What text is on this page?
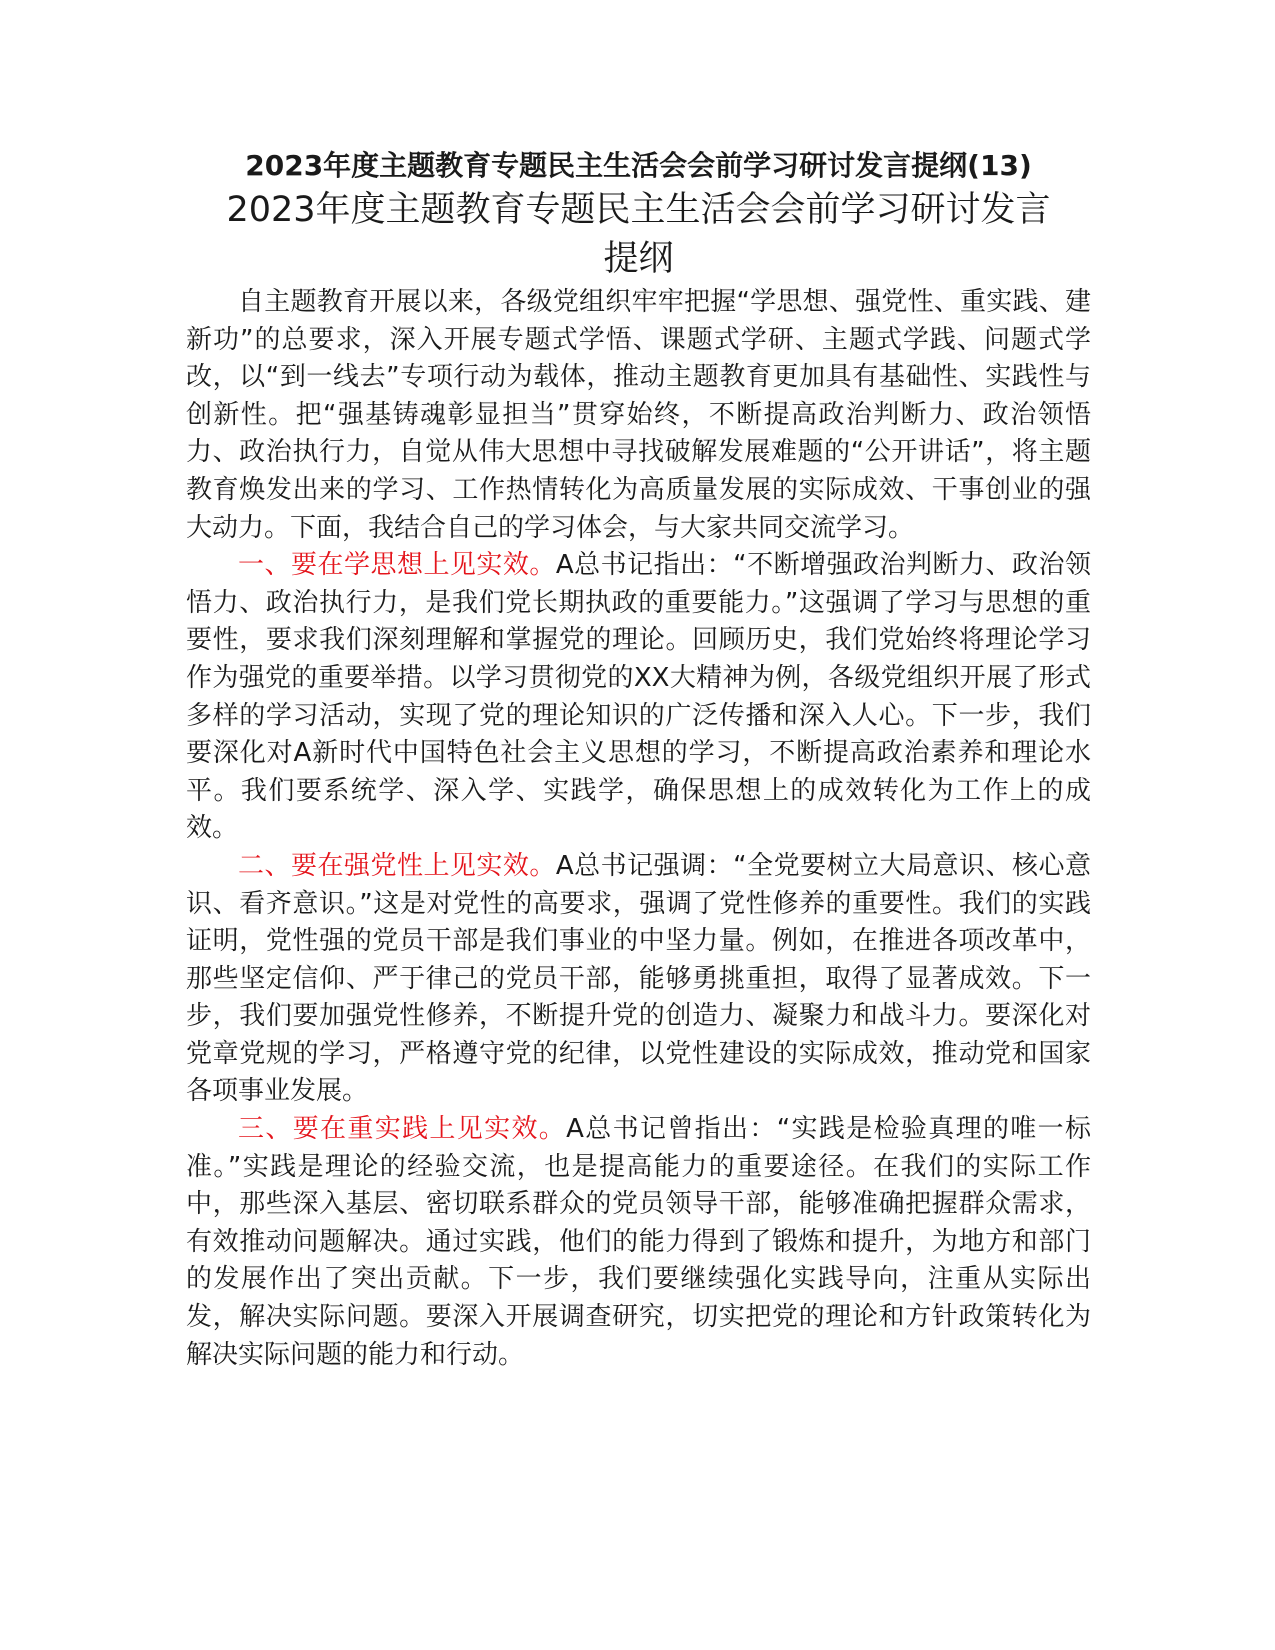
2023年度主题教育专题民主生活会会前学习研讨发言提纲(13)
2023年度主题教育专题民主生活会会前学习研讨发言提纲

自主题教育开展以来，各级党组织牢牢把握“学思想、强党性、重实践、建新功”的总要求，深入开展专题式学悟、课题式学研、主题式学践、问题式学改，以“到一线去”专项行动为载体，推动主题教育更加具有基础性、实践性与创新性。把“强基铸魂彰显担当”贯穿始终，不断提高政治判断力、政治领悟力、政治执行力，自觉从伟大思想中寻找破解发展难题的“公开讲话”，将主题教育焕发出来的学习、工作热情转化为高质量发展的实际成效、干事创业的强大动力。下面，我结合自己的学习体会，与大家共同交流学习。

一、要在学思想上见实效。A总书记指出：“不断增强政治判断力、政治领悟力、政治执行力，是我们党长期执政的重要能力。”这强调了学习与思想的重要性，要求我们深刻理解和掌握党的理论。回顾历史，我们党始终将理论学习作为强党的重要举措。以学习贯彻党的XX大精神为例，各级党组织开展了形式多样的学习活动，实现了党的理论知识的广泛传播和深入人心。下一步，我们要深化对A新时代中国特色社会主义思想的学习，不断提高政治素养和理论水平。我们要系统学、深入学、实践学，确保思想上的成效转化为工作上的成效。

二、要在强党性上见实效。A总书记强调：“全党要树立大局意识、核心意识、看齐意识。”这是对党性的高要求，强调了党性修养的重要性。我们的实践证明，党性强的党员干部是我们事业的中坚力量。例如，在推进各项改革中，那些坚定信仰、严于律己的党员干部，能够勇挑重担，取得了显著成效。下一步，我们要加强党性修养，不断提升党的创造力、凝聚力和战斗力。要深化对党章党规的学习，严格遵守党的纪律，以党性建设的实际成效，推动党和国家各项事业发展。

三、要在重实践上见实效。A总书记曾指出：“实践是检验真理的唯一标准。”实践是理论的经验交流，也是提高能力的重要途径。在我们的实际工作中，那些深入基层、密切联系群众的党员领导干部，能够准确把握群众需求，有效推动问题解决。通过实践，他们的能力得到了锻炼和提升，为地方和部门的发展作出了突出贡献。下一步，我们要继续强化实践导向，注重从实际出发，解决实际问题。要深入开展调查研究，切实把党的理论和方针政策转化为解决实际问题的能力和行动。
